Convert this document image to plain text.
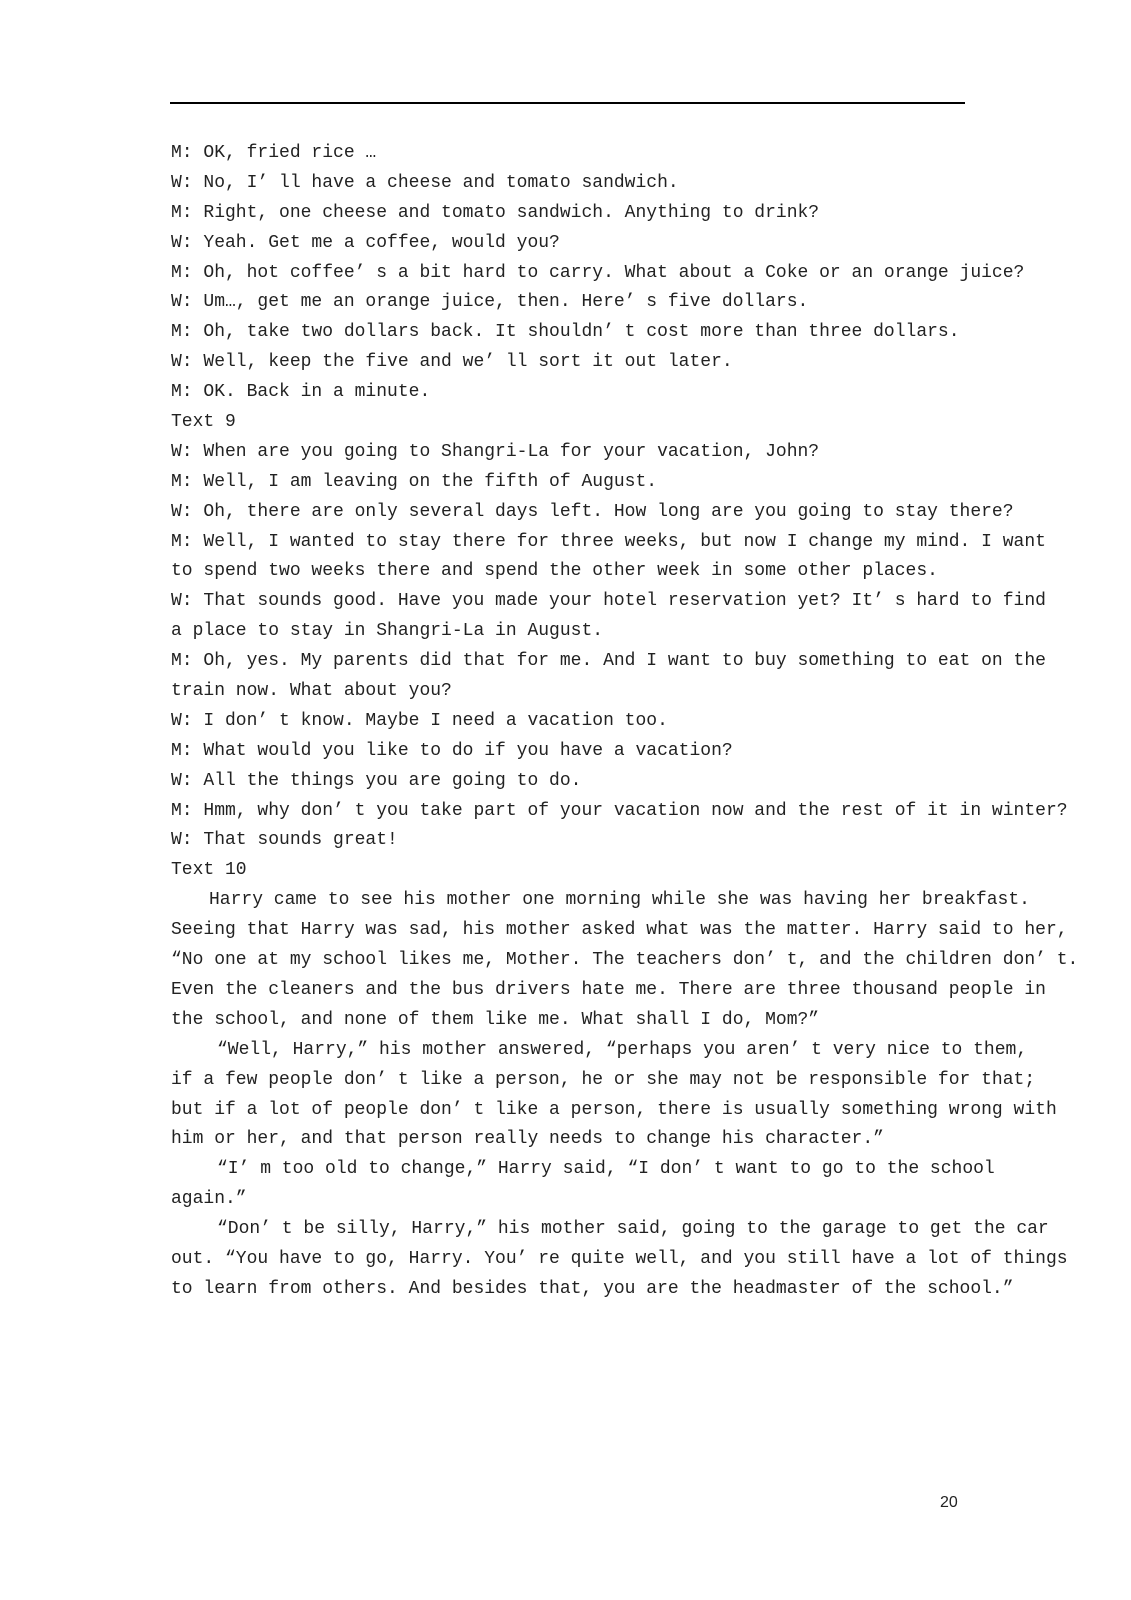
M: OK, fried rice …
W: No, I’ ll have a cheese and tomato sandwich.
M: Right, one cheese and tomato sandwich. Anything to drink?
W: Yeah. Get me a coffee, would you?
M: Oh, hot coffee’ s a bit hard to carry. What about a Coke or an orange juice?
W: Um…, get me an orange juice, then. Here’ s five dollars.
M: Oh, take two dollars back. It shouldn’ t cost more than three dollars.
W: Well, keep the five and we’ ll sort it out later.
M: OK. Back in a minute.
Text 9
W: When are you going to Shangri-La for your vacation, John?
M: Well, I am leaving on the fifth of August.
W: Oh, there are only several days left. How long are you going to stay there?
M: Well, I wanted to stay there for three weeks, but now I change my mind. I want
to spend two weeks there and spend the other week in some other places.
W: That sounds good. Have you made your hotel reservation yet? It’ s hard to find
a place to stay in Shangri-La in August.
M: Oh, yes. My parents did that for me. And I want to buy something to eat on the
train now. What about you?
W: I don’ t know. Maybe I need a vacation too.
M: What would you like to do if you have a vacation?
W: All the things you are going to do.
M: Hmm, why don’ t you take part of your vacation now and the rest of it in winter?
W: That sounds great!
Text 10
Harry came to see his mother one morning while she was having her breakfast.
Seeing that Harry was sad, his mother asked what was the matter. Harry said to her,
“No one at my school likes me, Mother. The teachers don’ t, and the children don’ t.
Even the cleaners and the bus drivers hate me. There are three thousand people in
the school, and none of them like me. What shall I do, Mom?”
“Well, Harry,” his mother answered, “perhaps you aren’ t very nice to them,
if a few people don’ t like a person, he or she may not be responsible for that;
but if a lot of people don’ t like a person, there is usually something wrong with
him or her, and that person really needs to change his character.”
“I’ m too old to change,” Harry said, “I don’ t want to go to the school
again.”
“Don’ t be silly, Harry,” his mother said, going to the garage to get the car
out. “You have to go, Harry. You’ re quite well, and you still have a lot of things
to learn from others. And besides that, you are the headmaster of the school.”
20
